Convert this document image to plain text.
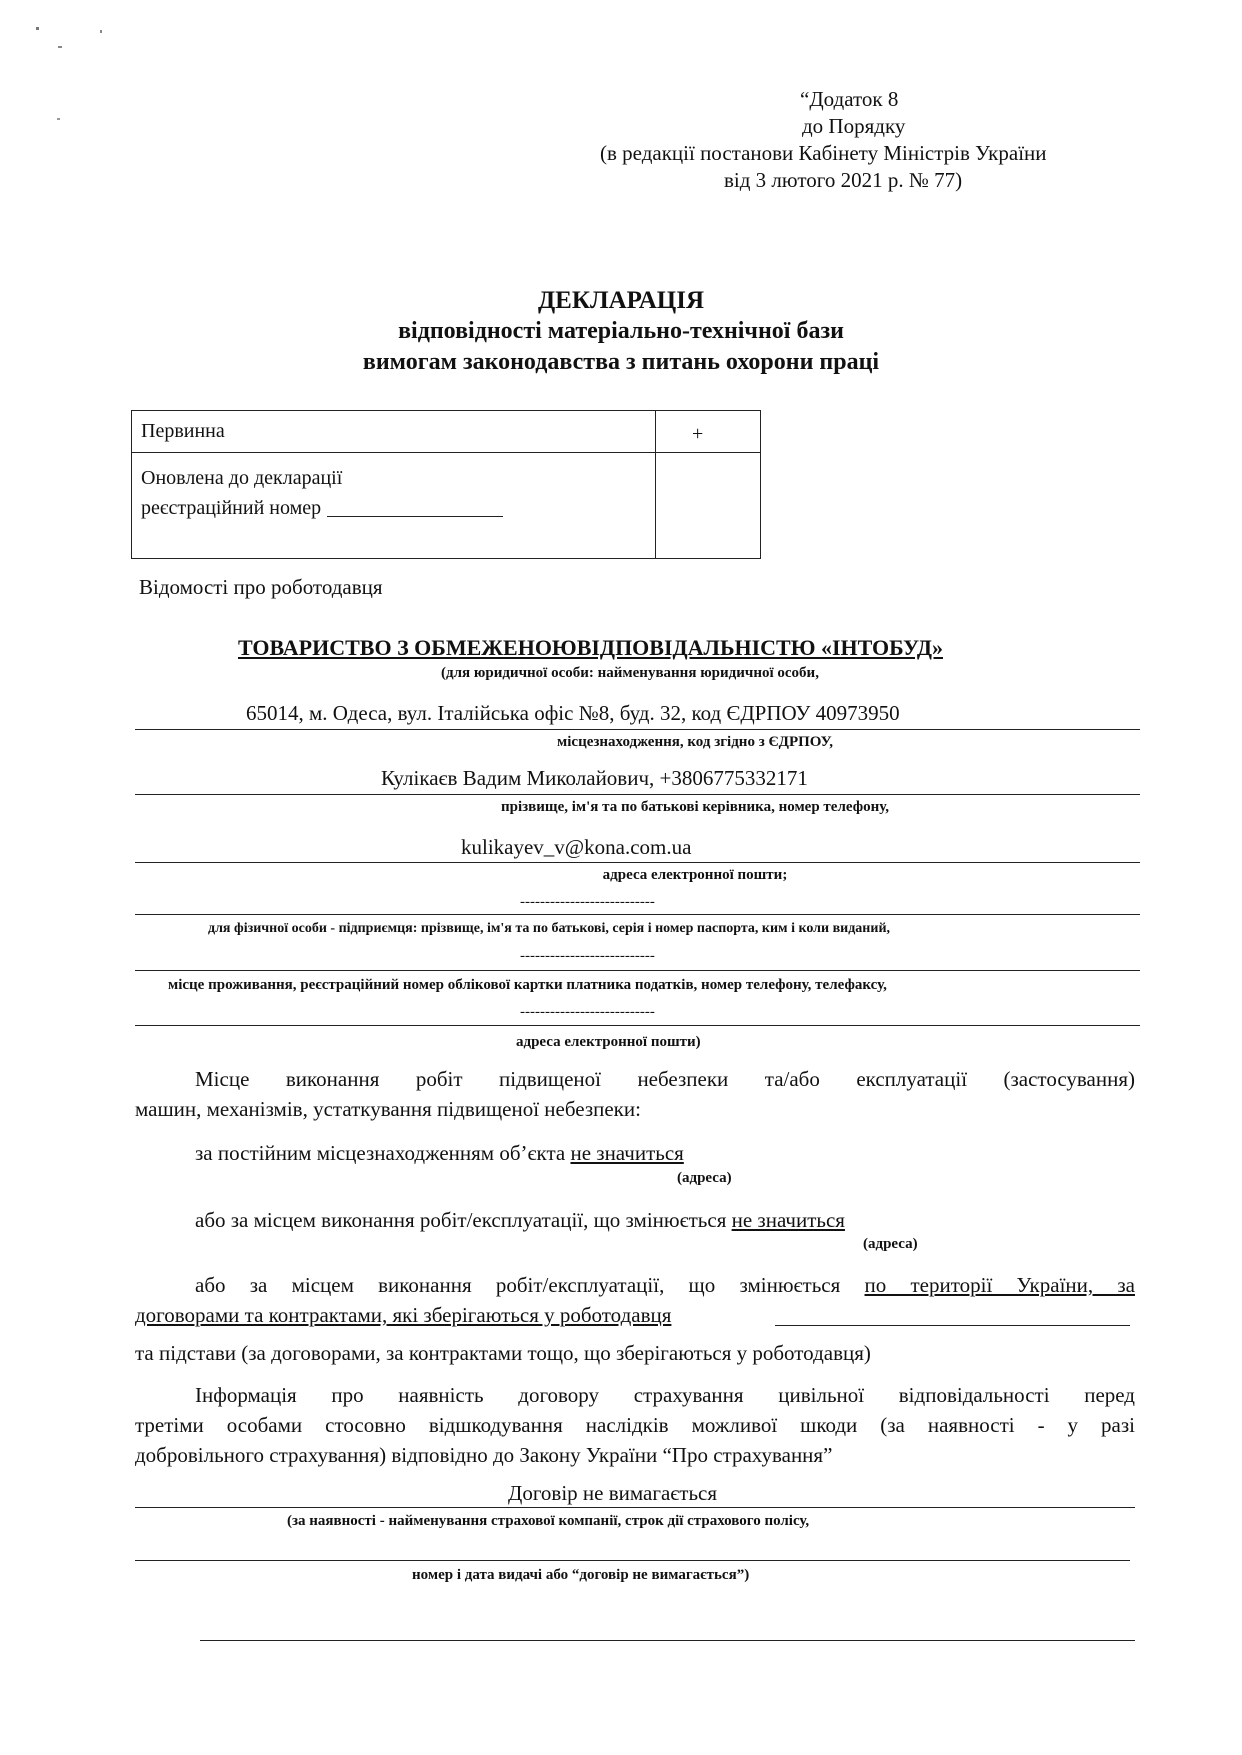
“Додаток 8
до Порядку
(в редакції постанови Кабінету Міністрів України
від 3 лютого 2021 р. № 77)
ДЕКЛАРАЦІЯ
відповідності матеріально-технічної бази
вимогам законодавства з питань охорони праці
Первинна	+
Оновлена до декларації
реєстраційний номер
Відомості про роботодавця
ТОВАРИСТВО З ОБМЕЖЕНОЮВІДПОВІДАЛЬНІСТЮ «ІНТОБУД»
(для юридичної особи: найменування юридичної особи,
65014, м. Одеса, вул. Італійська офіс №8, буд. 32, код ЄДРПОУ 40973950
місцезнаходження, код згідно з ЄДРПОУ,
Кулікаєв Вадим Миколайович, +3806775332171
прізвище, ім'я та по батькові керівника, номер телефону,
kulikayev_v@kona.com.ua
адреса електронної пошти;
---------------------------
для фізичної особи - підприємця: прізвище, ім'я та по батькові, серія і номер паспорта, ким і коли виданий,
---------------------------
місце проживання, реєстраційний номер облікової картки платника податків, номер телефону, телефаксу,
---------------------------
адреса електронної пошти)
Місце виконання робіт підвищеної небезпеки та/або експлуатації (застосування)
машин, механізмів, устаткування підвищеної небезпеки:
за постійним місцезнаходженням об’єкта не значиться
(адреса)
або за місцем виконання робіт/експлуатації, що змінюється не значиться
(адреса)
або за місцем виконання робіт/експлуатації, що змінюється по території України, за
договорами та контрактами, які зберігаються у роботодавця
та підстави (за договорами, за контрактами тощо, що зберігаються у роботодавця)
Інформація про наявність договору страхування цивільної відповідальності перед
третіми особами стосовно відшкодування наслідків можливої шкоди (за наявності - у разі
добровільного страхування) відповідно до Закону України “Про страхування”
Договір не вимагається
(за наявності - найменування страхової компанії, строк дії страхового полісу,
номер і дата видачі або “договір не вимагається”)
